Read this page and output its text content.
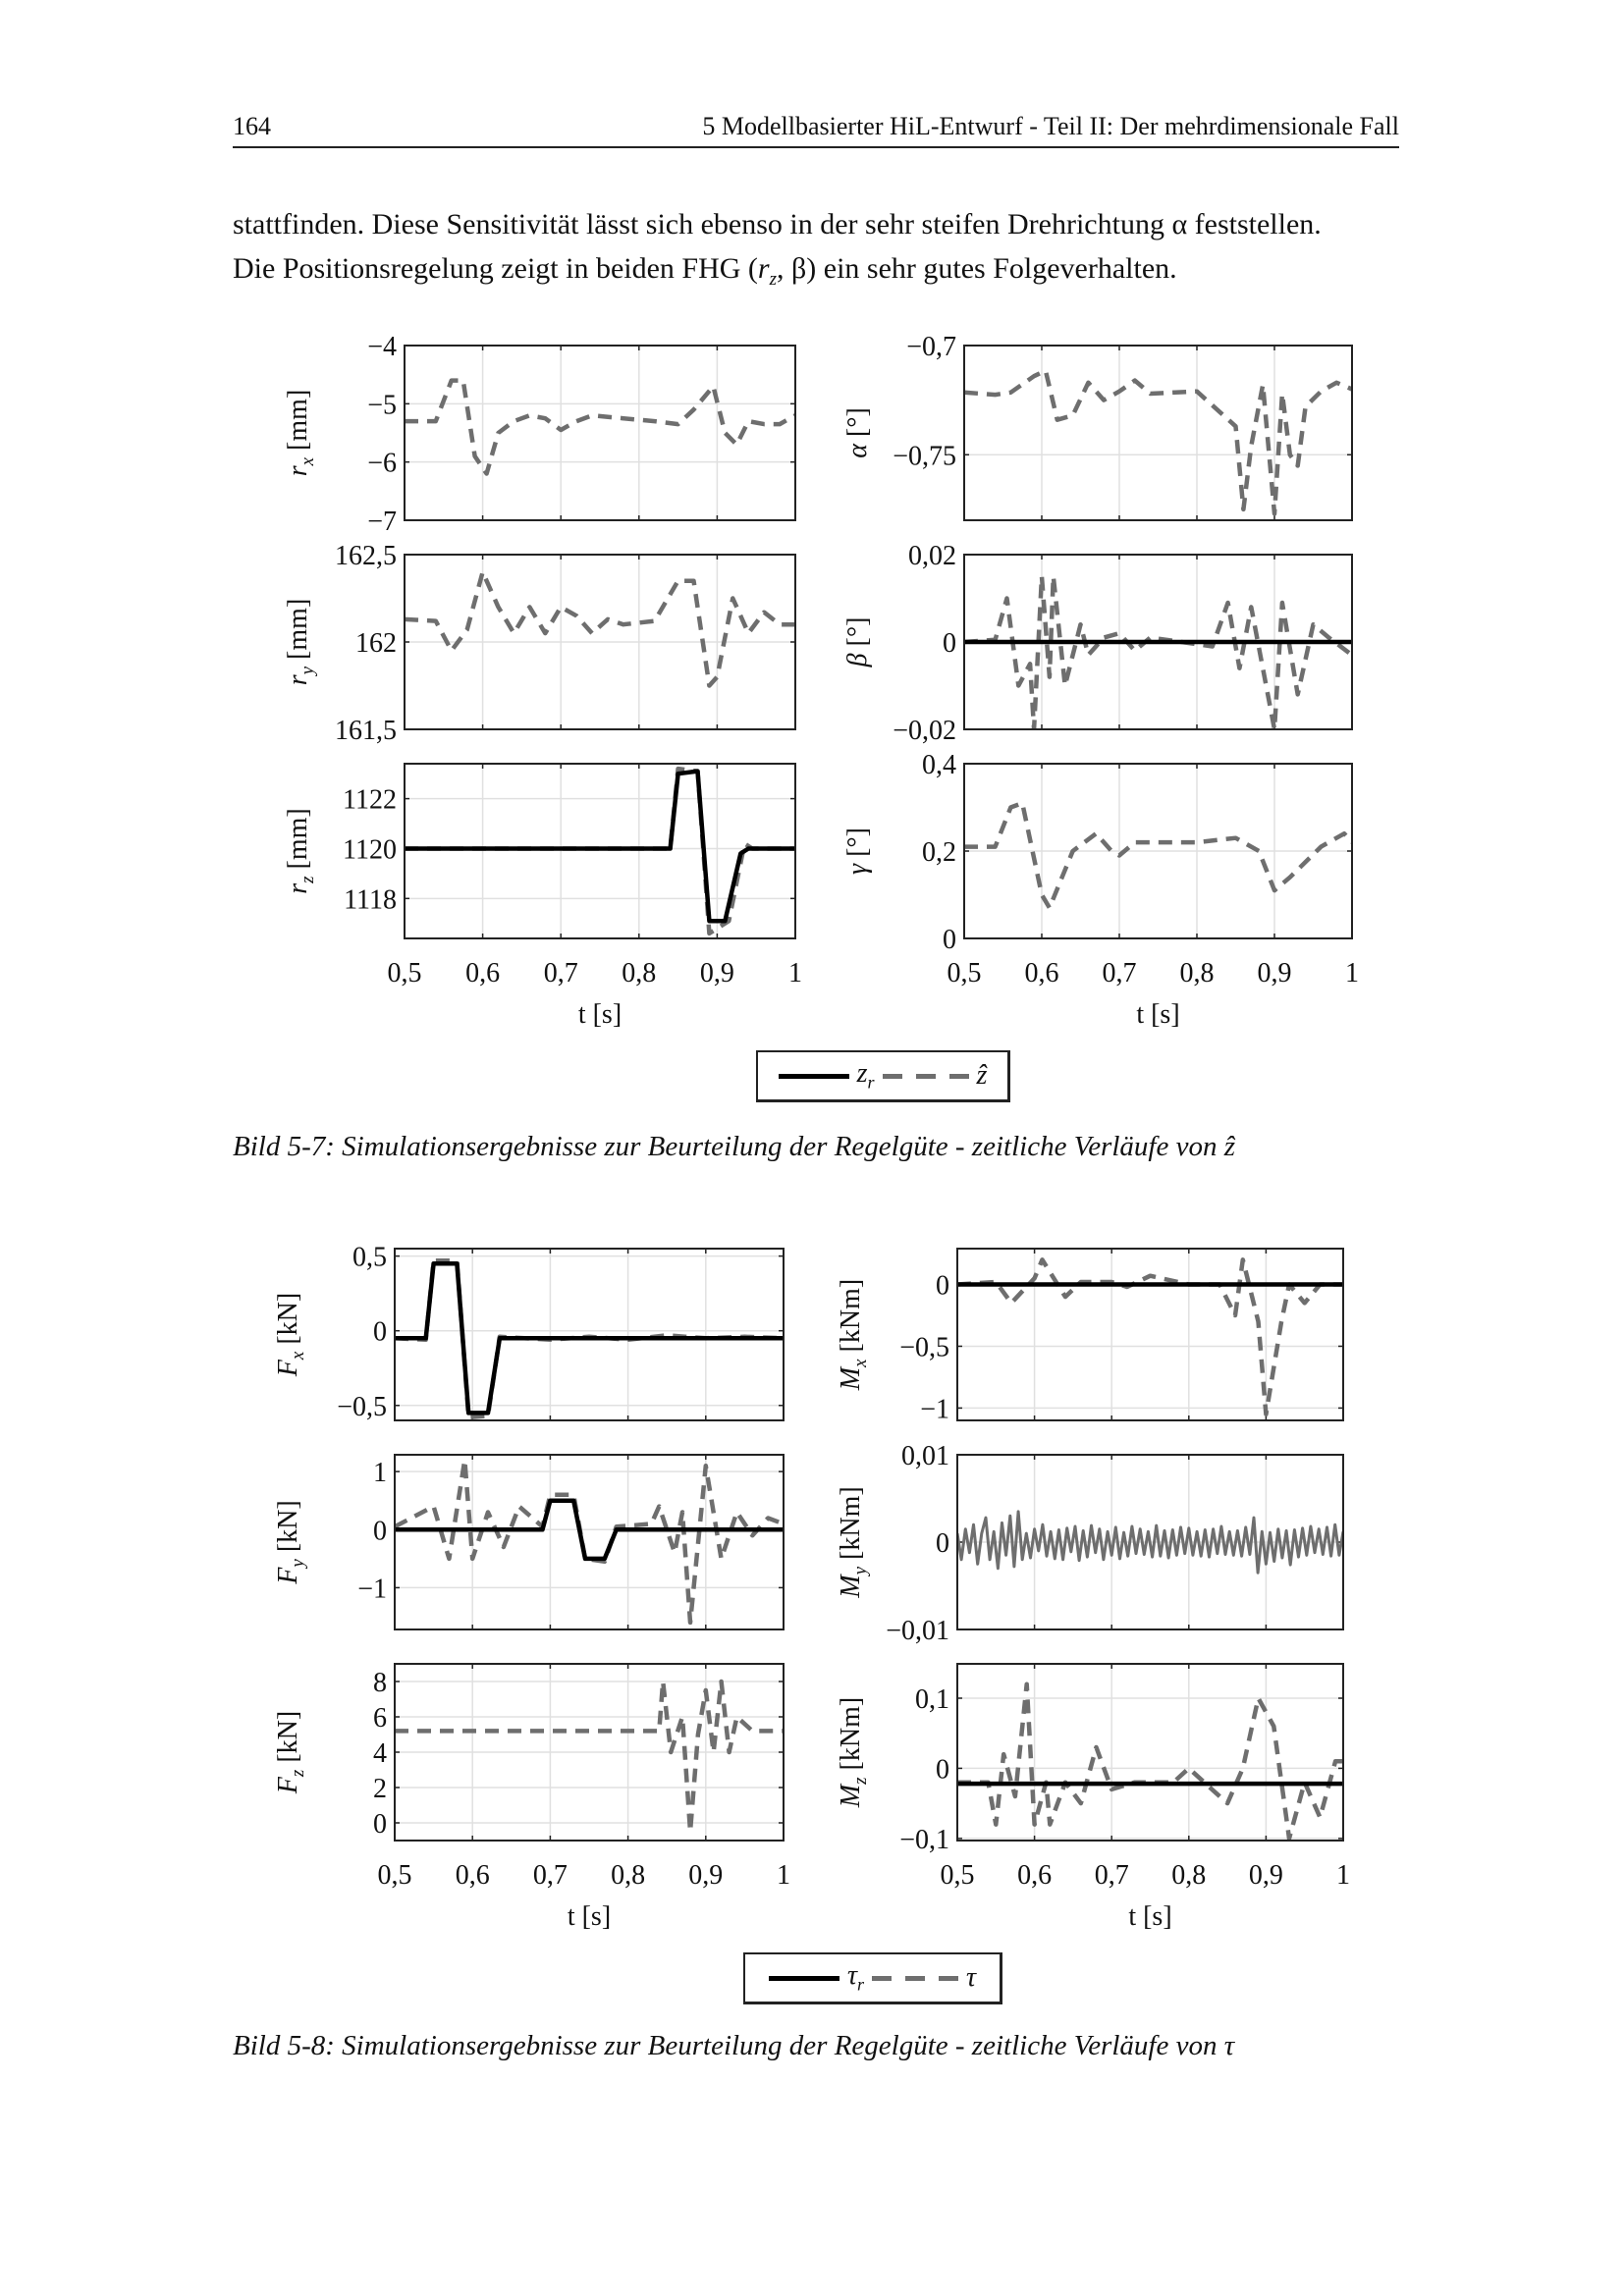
164	5 Modellbasierter HiL-Entwurf - Teil II: Der mehrdimensionale Fall
stattfinden. Diese Sensitivität lässt sich ebenso in der sehr steifen Drehrichtung α feststellen.
Die Positionsregelung zeigt in beiden FHG ($r_z$, β) ein sehr gutes Folgeverhalten.
−4
−5
−6
−7
$r_x$ [mm]
−0,7
−0,75
α [°]
162,5
162
161,5
$r_y$ [mm]
0,02
0
−0,02
β [°]
1122
1120
1118
0,5 0,6 0,7 0,8 0,9 1
t [s]
$r_z$ [mm]
0,4
0,2
0
0,5 0,6 0,7 0,8 0,9 1
t [s]
γ [°]
$z_r$	ẑ
Bild 5-7: Simulationsergebnisse zur Beurteilung der Regelgüte - zeitliche Verläufe von ẑ
0,5
0
−0,5
$F_x$ [kN]
0
−0,5
−1
$M_x$ [kNm]
1
0
−1
$F_y$ [kN]
0,01
0
−0,01
$M_y$ [kNm]
8
6
4
2
0
0,5 0,6 0,7 0,8 0,9 1
t [s]
$F_z$ [kN]
0,1
0
−0,1
0,5 0,6 0,7 0,8 0,9 1
t [s]
$M_z$ [kNm]
$\tau_r$	τ
Bild 5-8: Simulationsergebnisse zur Beurteilung der Regelgüte - zeitliche Verläufe von τ
